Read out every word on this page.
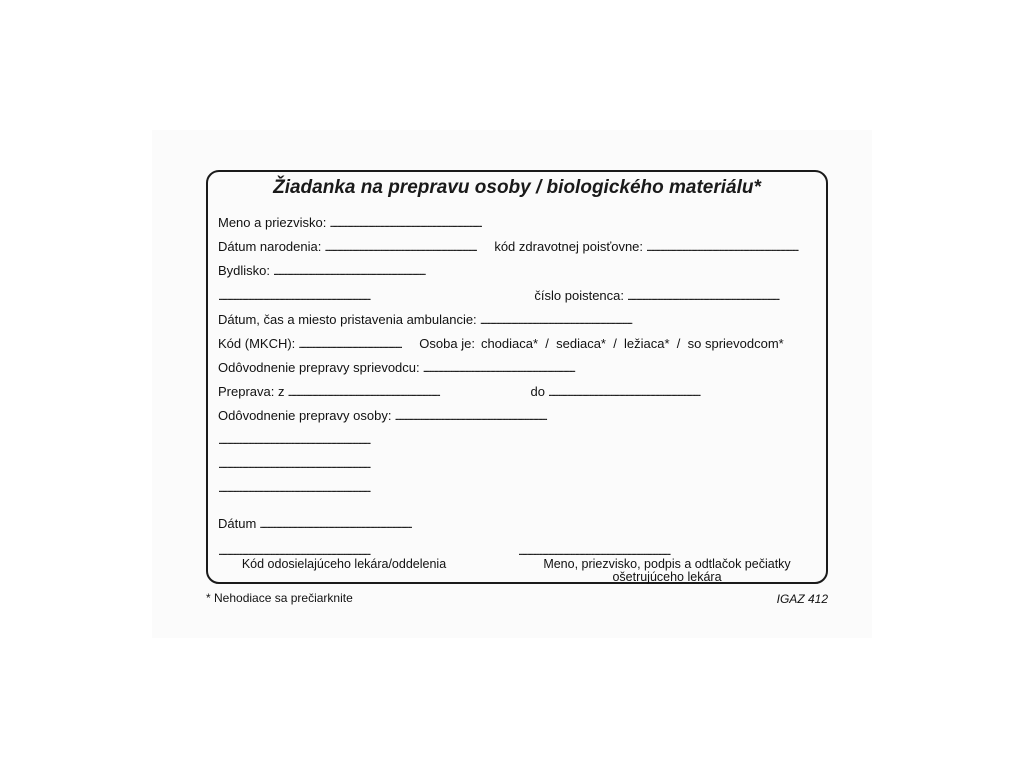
Žiadanka na prepravu osoby / biologického materiálu*
Meno a priezvisko:
. . .
Dátum narodenia: . . .	kód zdravotnej poisťovne:
. . .
Bydlisko:
. . .
. . .
číslo poistenca:
. . .
Dátum, čas a miesto pristavenia ambulancie:
. . .
Kód (MKCH): . . .	Osoba je: chodiaca*  /  sediaca*  /  ležiaca*  /  so sprievodcom*
Odôvodnenie prepravy sprievodcu:
. . .
Preprava: z . . .	do
. . .
Odôvodnenie prepravy osoby:
. . .
. . .
. . .
. . .
Dátum
. . .
. . .
. . .
Kód odosielajúceho lekára/oddelenia	Meno, priezvisko, podpis a odtlačok pečiatky
ošetrujúceho lekára
* Nehodiace sa prečiarknite	IGAZ 412
